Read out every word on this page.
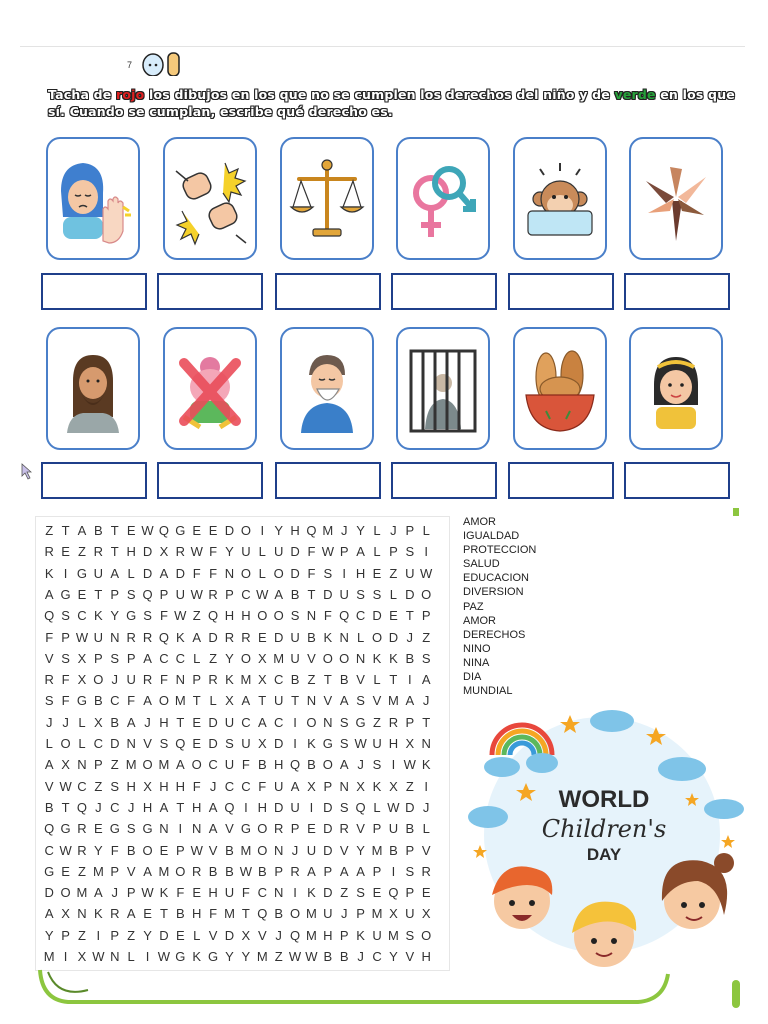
7
Tacha de rojo los dibujos en los que no se cumplen los derechos del niño y de verde en los que sí. Cuando se cumplan, escribe qué derecho es.
Z T A B T E W Q G E E D O I Y H Q M J Y L J P L
R E Z R T H D X R W F Y U L U D F W P A L P S I
K I G U A L D A D F F N O L O D F S I H E Z U W
A G E T P S Q P U W R P C W A B T D U S S L D O
Q S C K Y G S F W Z Q H H O O S N F Q C D E T P
F P W U N R R Q K A D R R E D U B K N L O D J Z
V S X P S P A C C L Z Y O X M U V O O N K K B S
R F X O J U R F N P R K M X C B Z T B V L T I A
S F G B C F A O M T L X A T U T N V A S V M A J
J J L X B A J H T E D U C A C I O N S G Z R P T
L O L C D N V S Q E D S U X D I K G S W U H X N
A X N P Z M O M A O C U F B H Q B O A J S I W K
V W C Z S H X H H F J C C F U A X P N X K X Z I
B T Q J C J H A T H A Q I H D U I D S Q L W D J
Q G R E G S G N I N A V G O R P E D R V P U B L
C W R Y F B O E P W V B M O N J U D V Y M B P V
G E Z M P V A M O R B B W B P R A P A A P I S R
D O M A J P W K F E H U F C N I K D Z S E Q P E
A X N K R A E T B H F M T Q B O M U J P M X U X
Y P Z I P Z Y D E L V D X V J Q M H P K U M S O
M I X W N L I W G K G Y Y M Z W W B B J C Y V H
AMOR
IGUALDAD
PROTECCION
SALUD
EDUCACION
DIVERSION
PAZ
AMOR
DERECHOS
NINO
NINA
DIA
MUNDIAL
WORLD
Children's
DAY
